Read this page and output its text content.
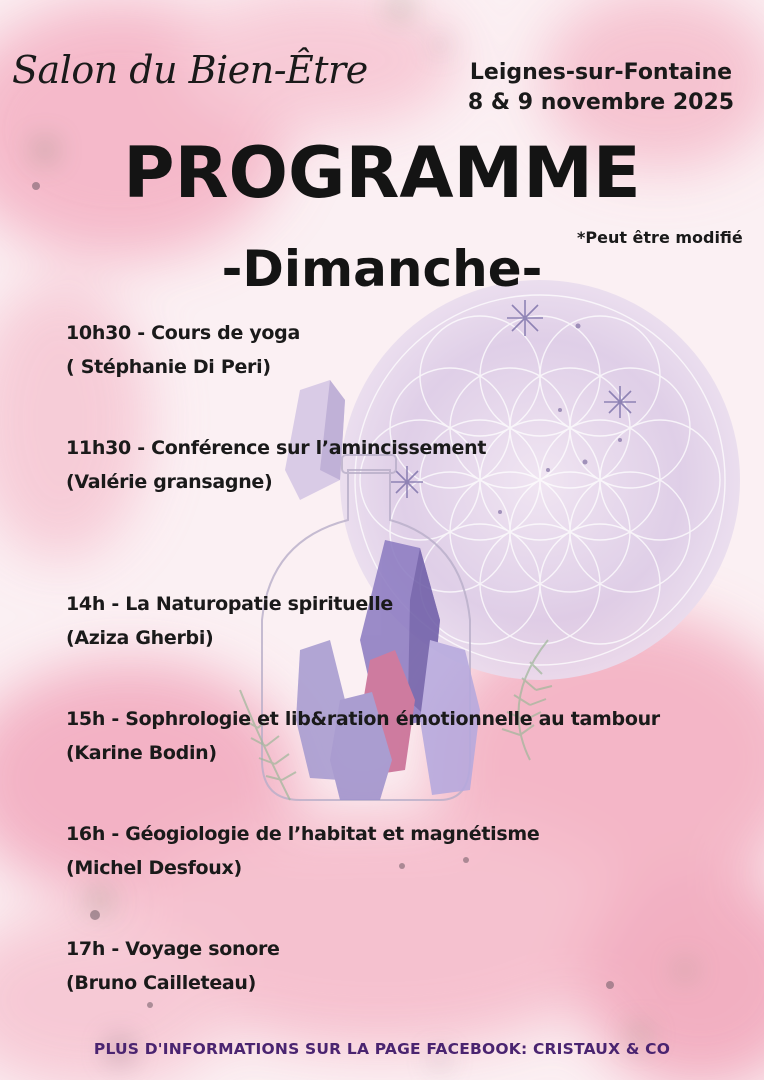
Salon du Bien-Être	Leignes-sur-Fontaine
8 & 9 novembre 2025
PROGRAMME
*Peut être modifié
-Dimanche-
10h30 - Cours de yoga
( Stéphanie Di Peri)
11h30 - Conférence sur l’amincissement
(Valérie gransagne)
14h - La Naturopatie spirituelle
(Aziza Gherbi)
15h - Sophrologie et lib&ration émotionnelle au tambour
(Karine Bodin)
16h - Géogiologie de l’habitat et magnétisme
(Michel Desfoux)
17h - Voyage sonore
(Bruno Cailleteau)
PLUS D'INFORMATIONS SUR LA PAGE FACEBOOK: CRISTAUX & CO
